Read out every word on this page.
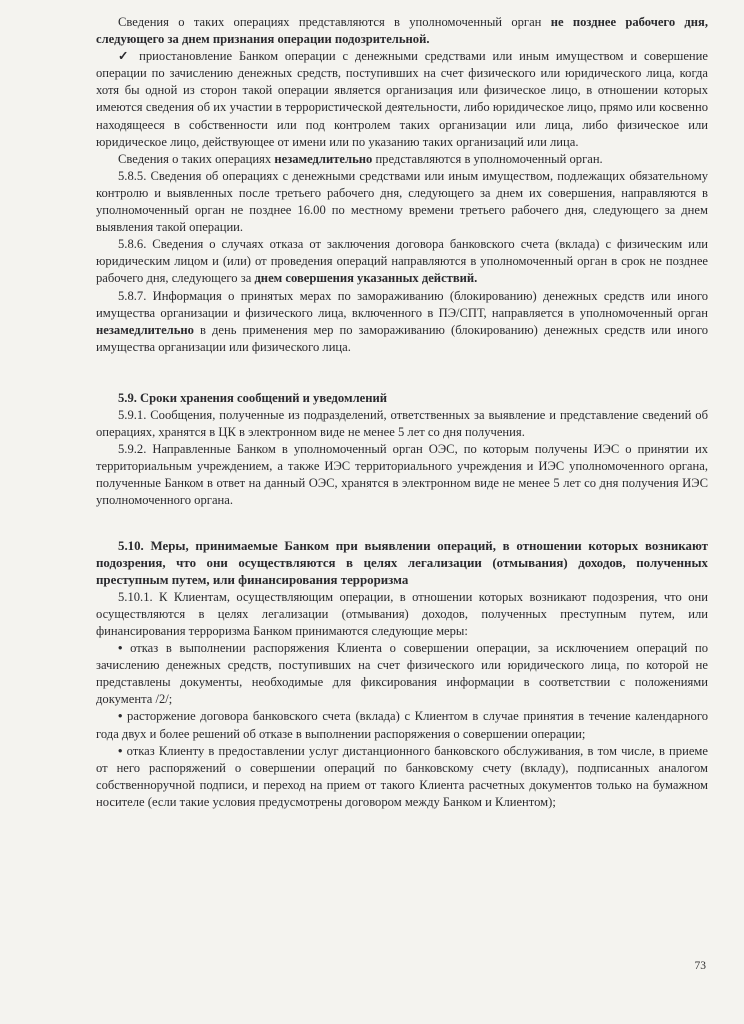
Сведения о таких операциях представляются в уполномоченный орган не позднее рабочего дня, следующего за днем признания операции подозрительной.

✓ приостановление Банком операции с денежными средствами или иным имуществом и совершение операции по зачислению денежных средств, поступивших на счет физического или юридического лица, когда хотя бы одной из сторон такой операции является организация или физическое лицо, в отношении которых имеются сведения об их участии в террористической деятельности, либо юридическое лицо, прямо или косвенно находящееся в собственности или под контролем таких организации или лица, либо физическое или юридическое лицо, действующее от имени или по указанию таких организаций или лица.

Сведения о таких операциях незамедлительно представляются в уполномоченный орган.

5.8.5. Сведения об операциях с денежными средствами или иным имуществом, подлежащих обязательному контролю и выявленных после третьего рабочего дня, следующего за днем их совершения, направляются в уполномоченный орган не позднее 16.00 по местному времени третьего рабочего дня, следующего за днем выявления такой операции.

5.8.6. Сведения о случаях отказа от заключения договора банковского счета (вклада) с физическим или юридическим лицом и (или) от проведения операций направляются в уполномоченный орган в срок не позднее рабочего дня, следующего за днем совершения указанных действий.

5.8.7. Информация о принятых мерах по замораживанию (блокированию) денежных средств или иного имущества организации и физического лица, включенного в ПЭ/СПТ, направляется в уполномоченный орган незамедлительно в день применения мер по замораживанию (блокированию) денежных средств или иного имущества организации или физического лица.

5.9. Сроки хранения сообщений и уведомлений

5.9.1. Сообщения, полученные из подразделений, ответственных за выявление и представление сведений об операциях, хранятся в ЦК в электронном виде не менее 5 лет со дня получения.

5.9.2. Направленные Банком в уполномоченный орган ОЭС, по которым получены ИЭС о принятии их территориальным учреждением, а также ИЭС территориального учреждения и ИЭС уполномоченного органа, полученные Банком в ответ на данный ОЭС, хранятся в электронном виде не менее 5 лет со дня получения ИЭС уполномоченного органа.

5.10. Меры, принимаемые Банком при выявлении операций, в отношении которых возникают подозрения, что они осуществляются в целях легализации (отмывания) доходов, полученных преступным путем, или финансирования терроризма

5.10.1. К Клиентам, осуществляющим операции, в отношении которых возникают подозрения, что они осуществляются в целях легализации (отмывания) доходов, полученных преступным путем, или финансирования терроризма Банком принимаются следующие меры:

• отказ в выполнении распоряжения Клиента о совершении операции, за исключением операций по зачислению денежных средств, поступивших на счет физического или юридического лица, по которой не представлены документы, необходимые для фиксирования информации в соответствии с положениями документа /2/;

• расторжение договора банковского счета (вклада) с Клиентом в случае принятия в течение календарного года двух и более решений об отказе в выполнении распоряжения о совершении операции;

• отказ Клиенту в предоставлении услуг дистанционного банковского обслуживания, в том числе, в приеме от него распоряжений о совершении операций по банковскому счету (вкладу), подписанных аналогом собственноручной подписи, и переход на прием от такого Клиента расчетных документов только на бумажном носителе (если такие условия предусмотрены договором между Банком и Клиентом);

73
